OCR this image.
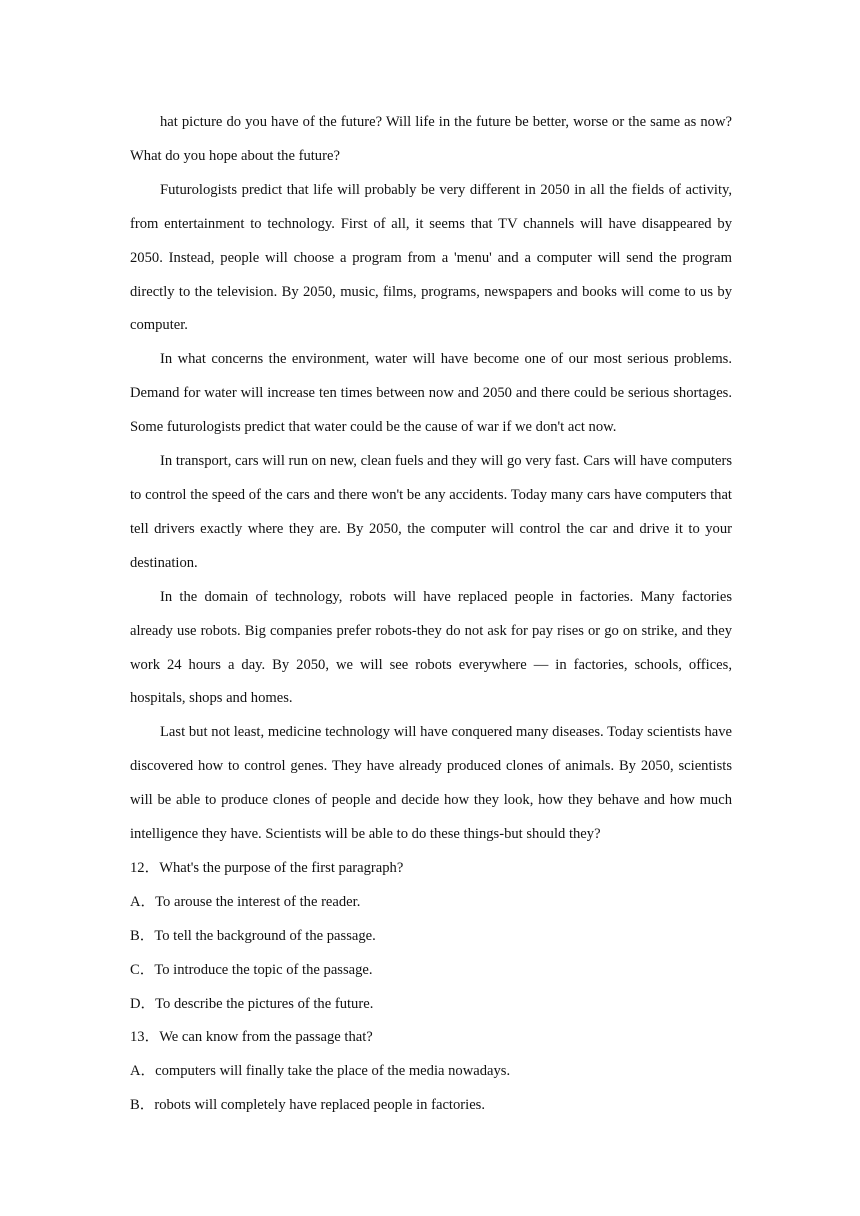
hat picture do you have of the future? Will life in the future be better, worse or the same as now? What do you hope about the future?

Futurologists predict that life will probably be very different in 2050 in all the fields of activity, from entertainment to technology. First of all, it seems that TV channels will have disappeared by 2050. Instead, people will choose a program from a 'menu' and a computer will send the program directly to the television. By 2050, music, films, programs, newspapers and books will come to us by computer.

In what concerns the environment, water will have become one of our most serious problems. Demand for water will increase ten times between now and 2050 and there could be serious shortages. Some futurologists predict that water could be the cause of war if we don't act now.

In transport, cars will run on new, clean fuels and they will go very fast. Cars will have computers to control the speed of the cars and there won't be any accidents. Today many cars have computers that tell drivers exactly where they are. By 2050, the computer will control the car and drive it to your destination.

In the domain of technology, robots will have replaced people in factories. Many factories already use robots. Big companies prefer robots-they do not ask for pay rises or go on strike, and they work 24 hours a day. By 2050, we will see robots everywhere — in factories, schools, offices, hospitals, shops and homes.

Last but not least, medicine technology will have conquered many diseases. Today scientists have discovered how to control genes. They have already produced clones of animals. By 2050, scientists will be able to produce clones of people and decide how they look, how they behave and how much intelligence they have. Scientists will be able to do these things-but should they?

12．What's the purpose of the first paragraph?

A．To arouse the interest of the reader.

B．To tell the background of the passage.

C．To introduce the topic of the passage.

D．To describe the pictures of the future.

13．We can know from the passage that?

A．computers will finally take the place of the media nowadays.

B．robots will completely have replaced people in factories.
